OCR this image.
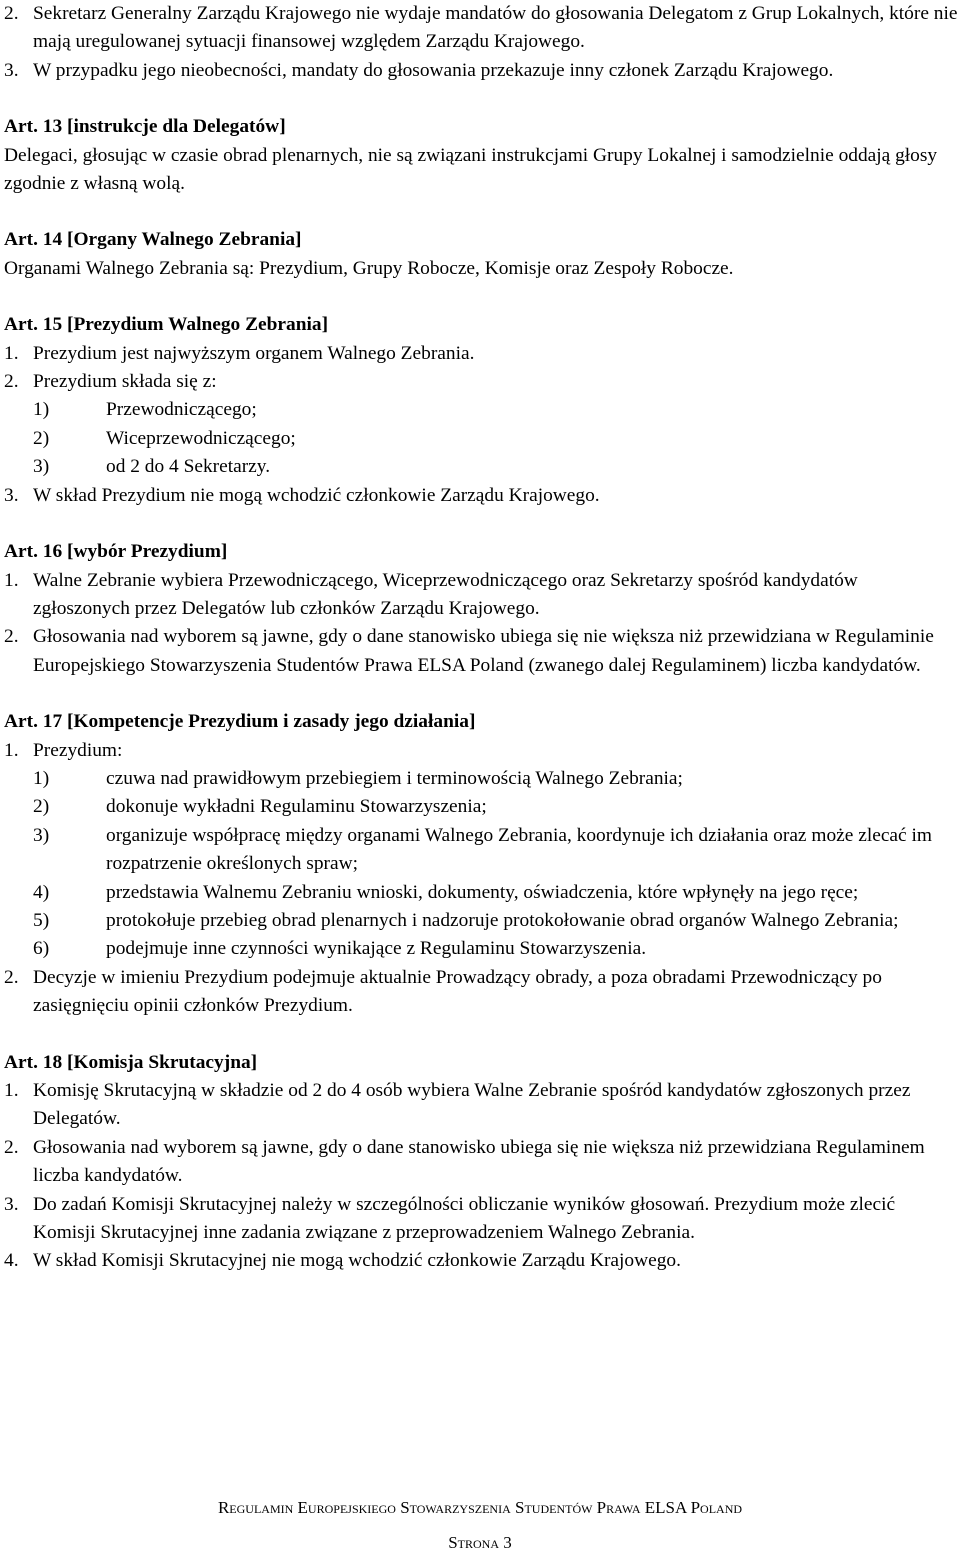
2. Sekretarz Generalny Zarządu Krajowego nie wydaje mandatów do głosowania Delegatom z Grup Lokalnych, które nie mają uregulowanej sytuacji finansowej względem Zarządu Krajowego.
3. W przypadku jego nieobecności, mandaty do głosowania przekazuje inny członek Zarządu Krajowego.

Art. 13 [instrukcje dla Delegatów]

Delegaci, głosując w czasie obrad plenarnych, nie są związani instrukcjami Grupy Lokalnej i samodzielnie oddają głosy zgodnie z własną wolą.

Art. 14 [Organy Walnego Zebrania]

Organami Walnego Zebrania są: Prezydium, Grupy Robocze, Komisje oraz Zespoły Robocze.

Art. 15 [Prezydium Walnego Zebrania]

1. Prezydium jest najwyższym organem Walnego Zebrania.
2. Prezydium składa się z:
1)	Przewodniczącego;
2)	Wiceprzewodniczącego;
3)	od 2 do 4 Sekretarzy.
3. W skład Prezydium nie mogą wchodzić członkowie Zarządu Krajowego.

Art. 16 [wybór Prezydium]

1. Walne Zebranie wybiera Przewodniczącego, Wiceprzewodniczącego oraz Sekretarzy spośród kandydatów zgłoszonych przez Delegatów lub członków Zarządu Krajowego.
2. Głosowania nad wyborem są jawne, gdy o dane stanowisko ubiega się nie większa niż przewidziana w Regulaminie Europejskiego Stowarzyszenia Studentów Prawa ELSA Poland (zwanego dalej Regulaminem) liczba kandydatów.

Art. 17 [Kompetencje Prezydium i zasady jego działania]

1. Prezydium:
1)	czuwa nad prawidłowym przebiegiem i terminowością Walnego Zebrania;
2)	dokonuje wykładni Regulaminu Stowarzyszenia;
3)	organizuje współpracę między organami Walnego Zebrania, koordynuje ich działania oraz może zlecać im rozpatrzenie określonych spraw;
4)	przedstawia Walnemu Zebraniu wnioski, dokumenty, oświadczenia, które wpłynęły na jego ręce;
5)	protokołuje przebieg obrad plenarnych i nadzoruje protokołowanie obrad organów Walnego Zebrania;
6)	podejmuje inne czynności wynikające z Regulaminu Stowarzyszenia.
2. Decyzje w imieniu Prezydium podejmuje aktualnie Prowadzący obrady, a poza obradami Przewodniczący po zasięgnięciu opinii członków Prezydium.

Art. 18 [Komisja Skrutacyjna]

1. Komisję Skrutacyjną w składzie od 2 do 4 osób wybiera Walne Zebranie spośród kandydatów zgłoszonych przez Delegatów.
2. Głosowania nad wyborem są jawne, gdy o dane stanowisko ubiega się nie większa niż przewidziana Regulaminem liczba kandydatów.
3. Do zadań Komisji Skrutacyjnej należy w szczególności obliczanie wyników głosowań. Prezydium może zlecić Komisji Skrutacyjnej inne zadania związane z przeprowadzeniem Walnego Zebrania.
4. W skład Komisji Skrutacyjnej nie mogą wchodzić członkowie Zarządu Krajowego.
Regulamin Europejskiego Stowarzyszenia Studentów Prawa ELSA Poland
Strona 3
